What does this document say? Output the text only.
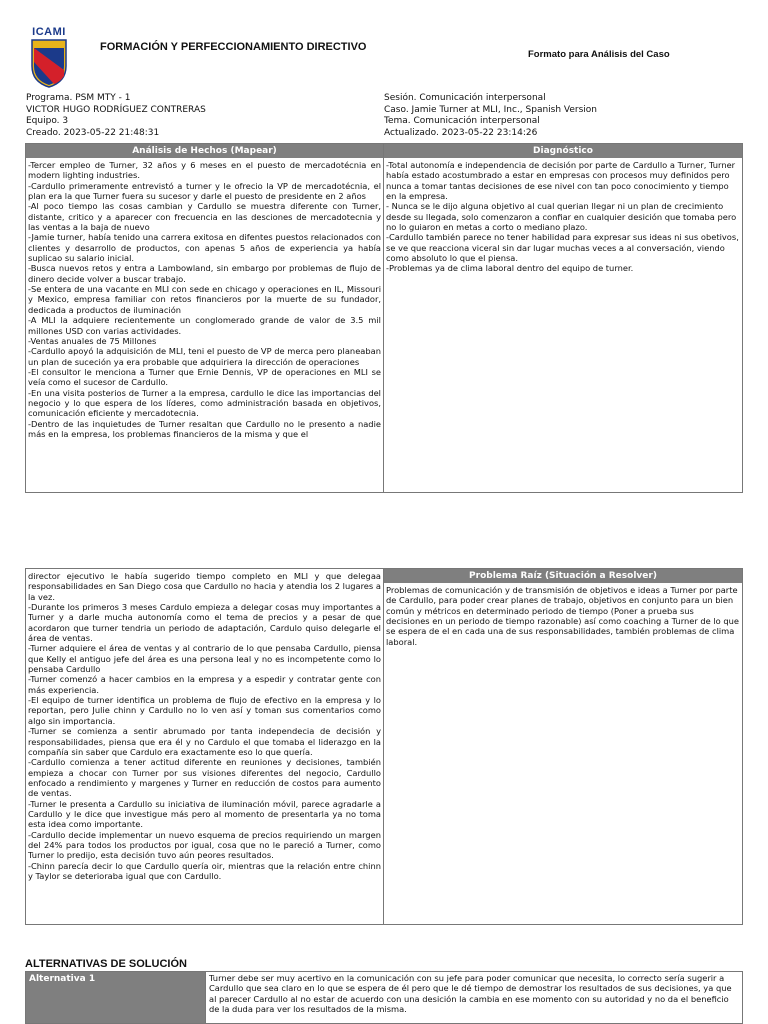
ICAMI
FORMACIÓN Y PERFECCIONAMIENTO DIRECTIVO
Formato para Análisis del Caso
Programa. PSM MTY - 1
VICTOR HUGO RODRÍGUEZ CONTRERAS
Equipo. 3
Creado. 2023-05-22 21:48:31
Sesión. Comunicación interpersonal
Caso. Jamie Turner at MLI, Inc., Spanish Version
Tema. Comunicación interpersonal
Actualizado. 2023-05-22 23:14:26
Análisis de Hechos (Mapear)

-Tercer empleo de Turner, 32 años y 6 meses en el puesto de mercadotécnia en modern lighting industries.

-Cardullo primeramente entrevistó a turner y le ofrecio la VP de mercadotécnia, el plan era la que Turner fuera su sucesor y darle el puesto de presidente en 2 años

-Al poco tiempo las cosas cambian y Cardullo se muestra diferente con Turner, distante, critico y a aparecer con frecuencia en las desciones de mercadotecnia y las ventas a la baja de nuevo

-Jamie turner, había tenido una carrera exitosa en difentes puestos relacionados con clientes y desarrollo de productos, con apenas 5 años de experiencia ya había suplicao su salario inicial.

-Busca nuevos retos y entra a Lambowland, sin embargo por problemas de flujo de dinero decide volver a buscar trabajo.

-Se entera de una vacante en MLI con sede en chicago y operaciones en IL, Missouri y Mexico, empresa familiar con retos financieros por la muerte de su fundador, dedicada a productos de iluminación

-A MLI la adquiere recientemente un conglomerado grande de valor de 3.5 mil millones USD con varias actividades.

-Ventas anuales de 75 Millones

-Cardullo apoyó la adquisición de MLI, teni el puesto de VP de merca pero planeaban un plan de suceción ya era probable que adquiriera la dirección de operaciones

-El consultor le menciona a Turner que Ernie Dennis, VP de operaciones en MLI se veía como el sucesor de Cardullo.

-En una visita posterios de Turner a la empresa, cardullo le dice las importancias del negocio y lo que espera de los líderes, como administración basada en objetivos, comunicación eficiente y mercadotecnia.

-Dentro de las inquietudes de Turner resaltan que Cardullo no le presento a nadie más en la empresa, los problemas financieros de la misma y que el

Diagnóstico

-Total autonomía e independencia de decisión por parte de Cardullo a Turner, Turner había estado acostumbrado a estar en empresas con procesos muy definidos pero nunca a tomar tantas decisiones de ese nivel con tan poco conocimiento y tiempo en la empresa.

- Nunca se le dijo alguna objetivo al cual querian llegar ni un plan de crecimiento desde su llegada, solo comenzaron a confiar en cualquier desición que tomaba pero no lo guiaron en metas a corto o mediano plazo.

-Cardullo también parece no tener habilidad para expresar sus ideas ni sus obetivos, se ve que reacciona viceral sin dar lugar muchas veces a al conversación, viendo como absoluto lo que el piensa.

-Problemas ya de clima laboral dentro del equipo de turner.

director ejecutivo le había sugerido tiempo completo en MLI y que delegaa responsabilidades en San Diego cosa que Cardullo no hacia y atendia los 2 lugares a la vez.

-Durante los primeros 3 meses Cardulo empieza a delegar cosas muy importantes a Turner y a darle mucha autonomía como el tema de precios y a pesar de que acordaron que turner tendria un periodo de adaptación, Cardulo quiso delegarle el área de ventas.

-Turner adquiere el área de ventas y al contrario de lo que pensaba Cardullo, piensa que Kelly el antiguo jefe del área es una persona leal y no es incompetente como lo pensaba Cardullo

-Turner comenzó a hacer cambios en la empresa y a espedir y contratar gente con más experiencia.

-El equipo de turner identifica un problema de flujo de efectivo en la empresa y lo reportan, pero Julie chinn y Cardullo no lo ven así y toman sus comentarios como algo sin importancia.

-Turner se comienza a sentir abrumado por tanta independecia de decisión y responsabilidades, piensa que era él y no Cardulo el que tomaba el liderazgo en la compañía sin saber que Cardulo era exactamente eso lo que quería.

-Cardullo comienza a tener actitud diferente en reuniones y decisiones, también empieza a chocar con Turner por sus visiones diferentes del negocio, Cardullo enfocado a rendimiento y margenes y Turner en reducción de costos para aumento de ventas.

-Turner le presenta a Cardullo su iniciativa de iluminación móvil, parece agradarle a Cardullo y le dice que investigue más pero al momento de presentarla ya no toma esta idea como importante.

-Cardullo decide implementar un nuevo esquema de precios requiriendo un margen del 24% para todos los productos por igual, cosa que no le pareció a Turner, como Turner lo predijo, esta decisión tuvo aún peores resultados.

-Chinn parecía decir lo que Cardullo quería oir, mientras que la relación entre chinn y Taylor se deterioraba igual que con Cardullo.

Problema Raíz (Situación a Resolver)
Problemas de comunicación y de transmisión de objetivos e ideas a Turner por parte de Cardullo, para poder crear planes de trabajo, objetivos en conjunto para un bien común y métricos en determinado periodo de tiempo (Poner a prueba sus decisiones en un periodo de tiempo razonable) así como coaching a Turner de lo que se espera de el en cada una de sus responsabilidades, también problemas de clima laboral.
ALTERNATIVAS DE SOLUCIÓN
Alternativa 1	Turner debe ser muy acertivo en la comunicación con su jefe para poder comunicar que necesita, lo correcto sería sugerir a Cardullo que sea claro en lo que se espera de él pero que le dé tiempo de demostrar los resultados de sus decisiones, ya que al parecer Cardullo al no estar de acuerdo con una desición la cambia en ese momento con su autoridad y no da el beneficio de la duda para ver los resultados de la misma.
